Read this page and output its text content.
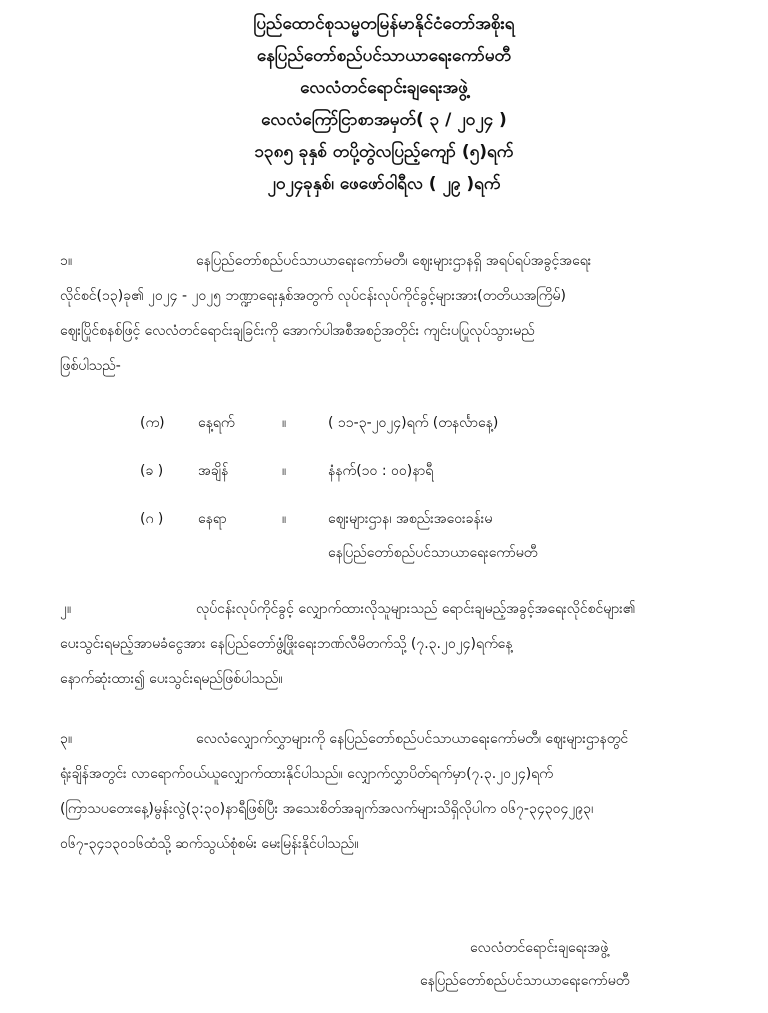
ပြည်ထောင်စုသမ္မတမြန်မာနိုင်ငံတော်အစိုးရ
နေပြည်တော်စည်ပင်သာယာရေးကော်မတီ
လေလံတင်ရောင်းချရေးအဖွဲ့
လေလံကြော်ငြာစာအမှတ်( ၃ / ၂၀၂၄ )
၁၃၈၅ ခုနှစ် တပို့တွဲလပြည့်ကျော် (၅)ရက်
၂၀၂၄ခုနှစ်၊ ဖေဖော်ဝါရီလ ( ၂၉ )ရက်
၁။	နေပြည်တော်စည်ပင်သာယာရေးကော်မတီ၊ ဈေးများဌာနရှိ အရပ်ရပ်အခွင့်အရေး
လိုင်စင်(၁၃)ခု၏ ၂၀၂၄ - ၂၀၂၅ ဘဏ္ဍာရေးနှစ်အတွက် လုပ်ငန်းလုပ်ကိုင်ခွင့်များအား(တတိယအကြိမ်)
ဈေးပြိုင်စနစ်ဖြင့် လေလံတင်ရောင်းချခြင်းကို အောက်ပါအစီအစဉ်အတိုင်း ကျင်းပပြုလုပ်သွားမည်
ဖြစ်ပါသည်-
(က)	နေ့ရက်	။	( ၁၁-၃-၂၀၂၄)ရက် (တနင်္လာနေ့)
(ခ )	အချိန်	။	နံနက်(၁၀ : ၀၀)နာရီ
(ဂ )	နေရာ	။	ဈေးများဌာန၊ အစည်းအဝေးခန်းမ
နေပြည်တော်စည်ပင်သာယာရေးကော်မတီ
၂။	လုပ်ငန်းလုပ်ကိုင်ခွင့် လျှောက်ထားလိုသူများသည် ရောင်းချမည့်အခွင့်အရေးလိုင်စင်များ၏
ပေးသွင်းရမည့်အာမခံငွေအား နေပြည်တော်ဖွံ့ဖြိုးရေးဘဏ်လီမိတက်သို့ (၇.၃.၂၀၂၄)ရက်နေ့
နောက်ဆုံးထား၍ ပေးသွင်းရမည်ဖြစ်ပါသည်။
၃။	လေလံလျှောက်လွှာများကို နေပြည်တော်စည်ပင်သာယာရေးကော်မတီ၊ ဈေးများဌာနတွင်
ရုံးချိန်အတွင်း လာရောက်ဝယ်ယူလျှောက်ထားနိုင်ပါသည်။ လျှောက်လွှာပိတ်ရက်မှာ(၇.၃.၂၀၂၄)ရက်
(ကြာသပတေးနေ့)မွန်းလွဲ(၃:၃၀)နာရီဖြစ်ပြီး အသေးစိတ်အချက်အလက်များသိရှိလိုပါက ၀၆၇-၃၄၃၀၄၂၉၃၊
၀၆၇-၃၄၁၃၀၁၆ထံသို့ ဆက်သွယ်စုံစမ်း မေးမြန်းနိုင်ပါသည်။
လေလံတင်ရောင်းချရေးအဖွဲ့
နေပြည်တော်စည်ပင်သာယာရေးကော်မတီ
